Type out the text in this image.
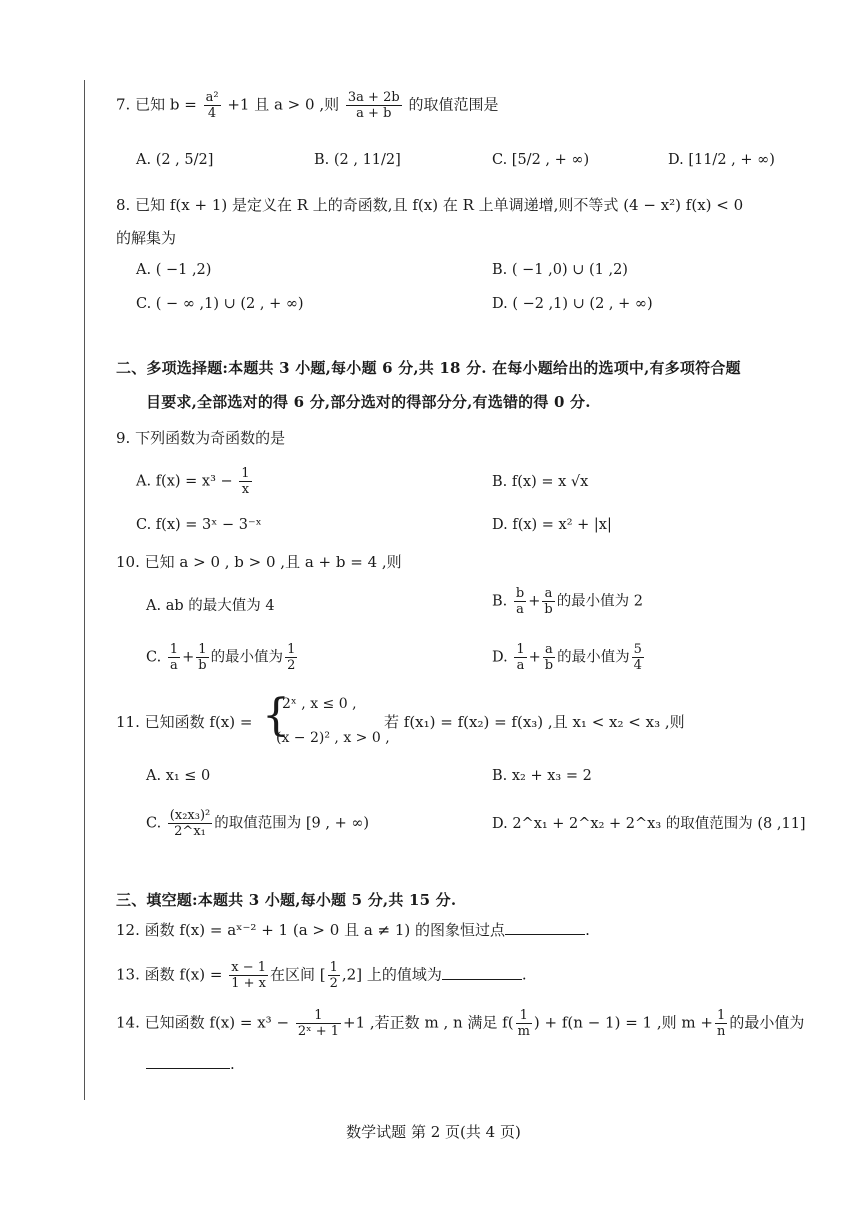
7. 已知 $b = \frac{\text{a²}}{4} +1$ 且 a > 0 ,则 $\frac{3a + 2b}{a + b}$ 的取值范围是
A. (2 , 5/2]	B. (2 , 11/2]	C. [5/2 , + ∞)	D. [11/2 , + ∞)
8. 已知 f(x + 1) 是定义在 R 上的奇函数,且 f(x) 在 R 上单调递增,则不等式 (4 − x²) f(x) < 0
的解集为
A. ( −1 ,2)	B. ( −1 ,0) ∪ (1 ,2)
C. ( − ∞ ,1) ∪ (2 , + ∞)	D. ( −2 ,1) ∪ (2 , + ∞)
二、多项选择题:本题共 3 小题,每小题 6 分,共 18 分. 在每小题给出的选项中,有多项符合题
目要求,全部选对的得 6 分,部分选对的得部分分,有选错的得 0 分.
9. 下列函数为奇函数的是
A. $f(x) = x^3 - \frac{1}{x}$	B. f(x) = x √x
C. f(x) = 3ˣ − 3⁻ˣ	D. f(x) = x² + |x|
10. 已知 a > 0 , b > 0 ,且 a + b = 4 ,则
A. ab 的最大值为 4	B. $\frac{b}{a} + \frac{a}{b}$ 的最小值为 2
C. $\frac{1}{a} + \frac{1}{b}$ 的最小值为 $\frac{1}{2}$	D. $\frac{1}{a} + \frac{a}{b}$ 的最小值为 $\frac{5}{4}$
11. 已知函数 f(x) = {
2ˣ , x ≤ 0 ,
(x − 2)² , x > 0 ,
若 f(x₁) = f(x₂) = f(x₃) ,且 x₁ < x₂ < x₃ ,则
A. x₁ ≤ 0	B. x₂ + x₃ = 2
C. $\frac{\text{(x₂x₃)²}}{\text{2\textasciicircum{}x₁}}$ 的取值范围为 [9 , + ∞)	D. 2^x₁ + 2^x₂ + 2^x₃ 的取值范围为 (8 ,11]
三、填空题:本题共 3 小题,每小题 5 分,共 15 分.
12. 函数 f(x) = aˣ⁻² + 1 (a > 0 且 a ≠ 1) 的图象恒过点	.
13. 函数 $f(x) = \frac{x - 1}{1 + x}$ 在区间 [ $\frac{1}{2} ,2$] 上的值域为	.
14. 已知函数 $f(x) = x^3 - \frac{1}{\text{2ˣ + 1}} +1$ ,若正数 m , n 满足 $f( \frac{1}{m}$ ) + f(n − 1) = 1 ,则 $m + \frac{1}{n}$ 的最小值为
.
数学试题 第 2 页(共 4 页)
